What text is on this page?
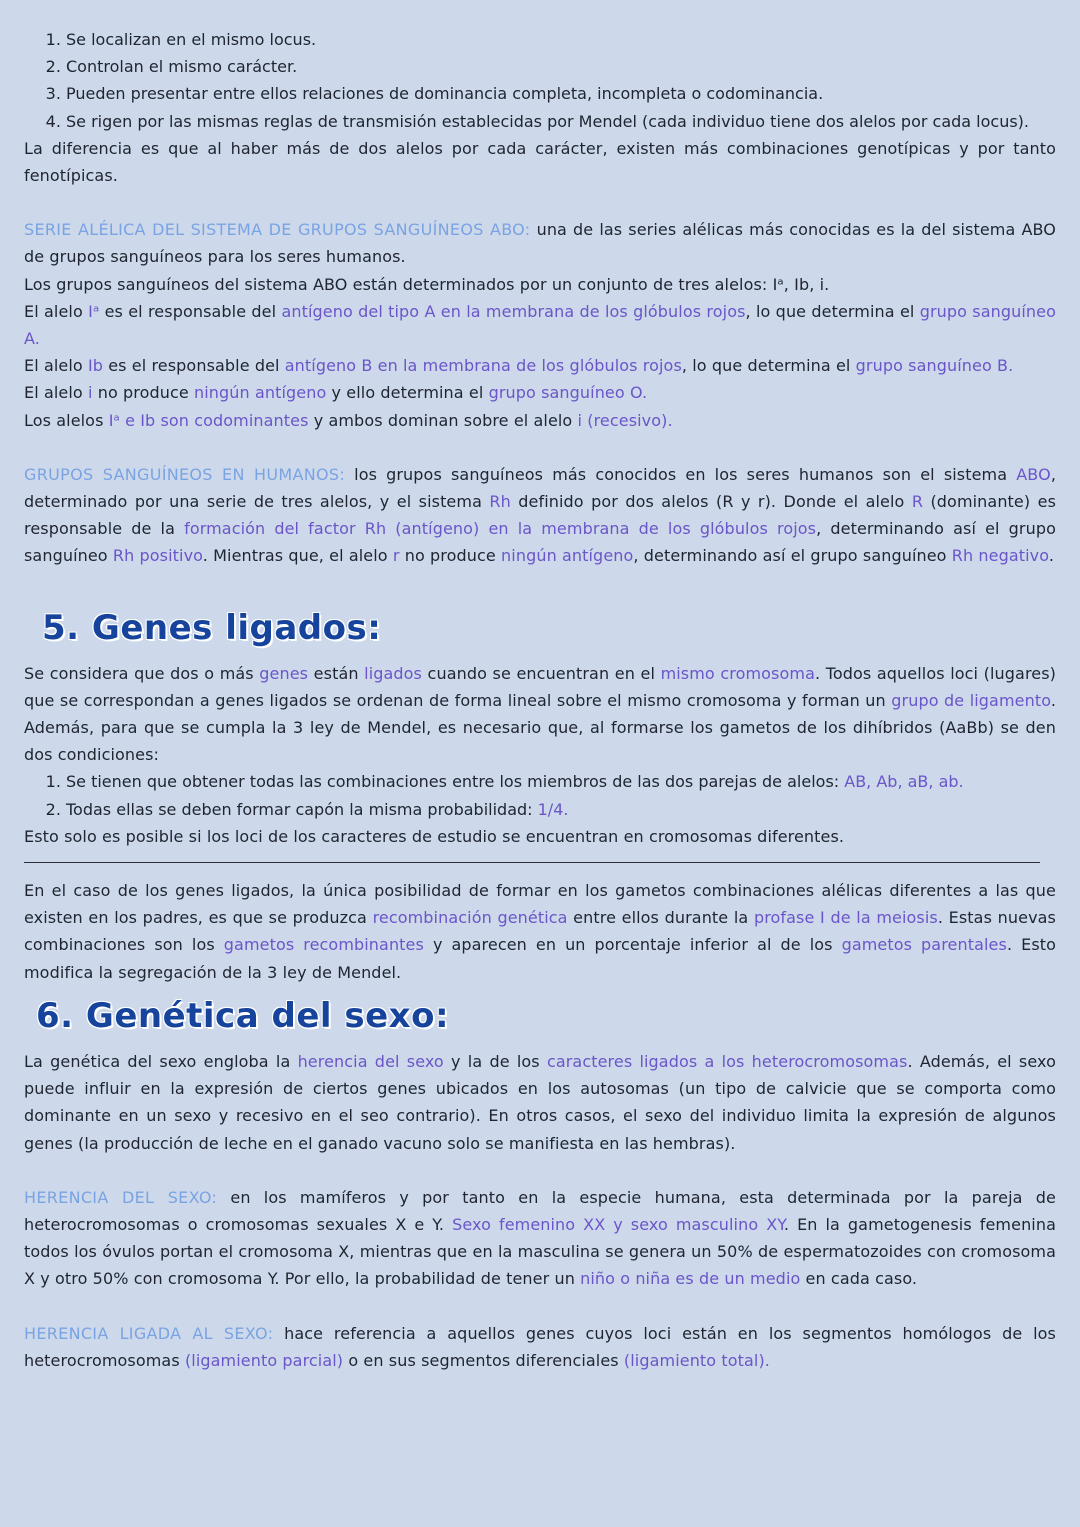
1. Se localizan en el mismo locus.
2. Controlan el mismo carácter.
3. Pueden presentar entre ellos relaciones de dominancia completa, incompleta o codominancia.
4. Se rigen por las mismas reglas de transmisión establecidas por Mendel (cada individuo tiene dos alelos por cada locus).

La diferencia es que al haber más de dos alelos por cada carácter, existen más combinaciones genotípicas y por tanto fenotípicas.

SERIE ALÉLICA DEL SISTEMA DE GRUPOS SANGUÍNEOS ABO: una de las series alélicas más conocidas es la del sistema ABO de grupos sanguíneos para los seres humanos.

Los grupos sanguíneos del sistema ABO están determinados por un conjunto de tres alelos: Iᵃ, Ib, i.

El alelo Iᵃ es el responsable del antígeno del tipo A en la membrana de los glóbulos rojos, lo que determina el grupo sanguíneo A.

El alelo Ib es el responsable del antígeno B en la membrana de los glóbulos rojos, lo que determina el grupo sanguíneo B.

El alelo i no produce ningún antígeno y ello determina el grupo sanguíneo O.

Los alelos Iᵃ e Ib son codominantes y ambos dominan sobre el alelo i (recesivo).

GRUPOS SANGUÍNEOS EN HUMANOS: los grupos sanguíneos más conocidos en los seres humanos son el sistema ABO, determinado por una serie de tres alelos, y el sistema Rh definido por dos alelos (R y r). Donde el alelo R (dominante) es responsable de la formación del factor Rh (antígeno) en la membrana de los glóbulos rojos, determinando así el grupo sanguíneo Rh positivo. Mientras que, el alelo r no produce ningún antígeno, determinando así el grupo sanguíneo Rh negativo.

5. Genes ligados:

Se considera que dos o más genes están ligados cuando se encuentran en el mismo cromosoma. Todos aquellos loci (lugares) que se correspondan a genes ligados se ordenan de forma lineal sobre el mismo cromosoma y forman un grupo de ligamento. Además, para que se cumpla la 3 ley de Mendel, es necesario que, al formarse los gametos de los dihíbridos (AaBb) se den dos condiciones:

1. Se tienen que obtener todas las combinaciones entre los miembros de las dos parejas de alelos: AB, Ab, aB, ab.
2. Todas ellas se deben formar capón la misma probabilidad: 1/4.

Esto solo es posible si los loci de los caracteres de estudio se encuentran en cromosomas diferentes.

En el caso de los genes ligados, la única posibilidad de formar en los gametos combinaciones alélicas diferentes a las que existen en los padres, es que se produzca recombinación genética entre ellos durante la profase I de la meiosis. Estas nuevas combinaciones son los gametos recombinantes y aparecen en un porcentaje inferior al de los gametos parentales. Esto modifica la segregación de la 3 ley de Mendel.

6. Genética del sexo:

La genética del sexo engloba la herencia del sexo y la de los caracteres ligados a los heterocromosomas. Además, el sexo puede influir en la expresión de ciertos genes ubicados en los autosomas (un tipo de calvicie que se comporta como dominante en un sexo y recesivo en el seo contrario). En otros casos, el sexo del individuo limita la expresión de algunos genes (la producción de leche en el ganado vacuno solo se manifiesta en las hembras).

HERENCIA DEL SEXO: en los mamíferos y por tanto en la especie humana, esta determinada por la pareja de heterocromosomas o cromosomas sexuales X e Y. Sexo femenino XX y sexo masculino XY. En la gametogenesis femenina todos los óvulos portan el cromosoma X, mientras que en la masculina se genera un 50% de espermatozoides con cromosoma X y otro 50% con cromosoma Y. Por ello, la probabilidad de tener un niño o niña es de un medio en cada caso.

HERENCIA LIGADA AL SEXO: hace referencia a aquellos genes cuyos loci están en los segmentos homólogos de los heterocromosomas (ligamiento parcial) o en sus segmentos diferenciales (ligamiento total).
